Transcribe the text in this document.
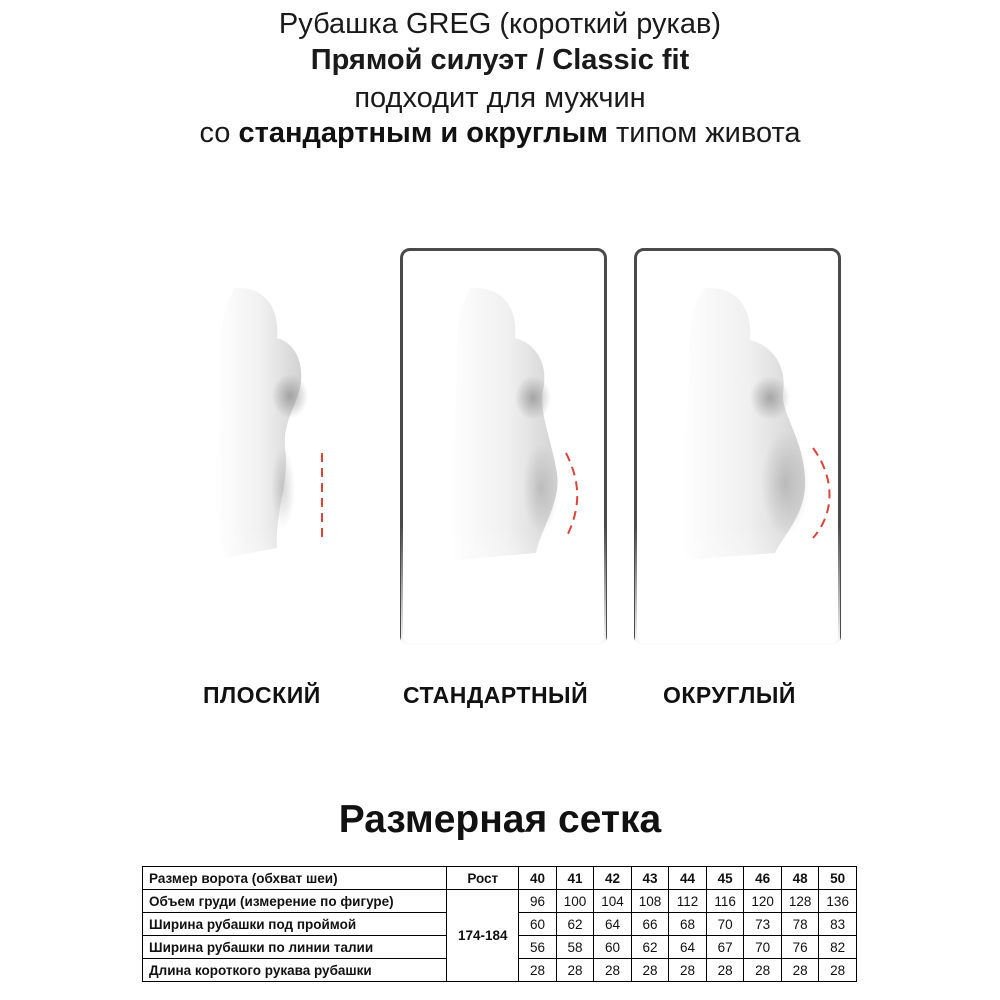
Рубашка GREG (короткий рукав)
Прямой силуэт / Classic fit
подходит для мужчин
со стандартным и округлым типом живота
ПЛОСКИЙ	СТАНДАРТНЫЙ	ОКРУГЛЫЙ
Размерная сетка
Размер ворота (обхват шеи)	Рост	40	41	42	43	44	45	46	48	50
Объем груди (измерение по фигуре)	174-184	96	100	104	108	112	116	120	128	136
Ширина рубашки под проймой		60	62	64	66	68	70	73	78	83
Ширина рубашки по линии талии		56	58	60	62	64	67	70	76	82
Длина короткого рукава рубашки		28	28	28	28	28	28	28	28	28
